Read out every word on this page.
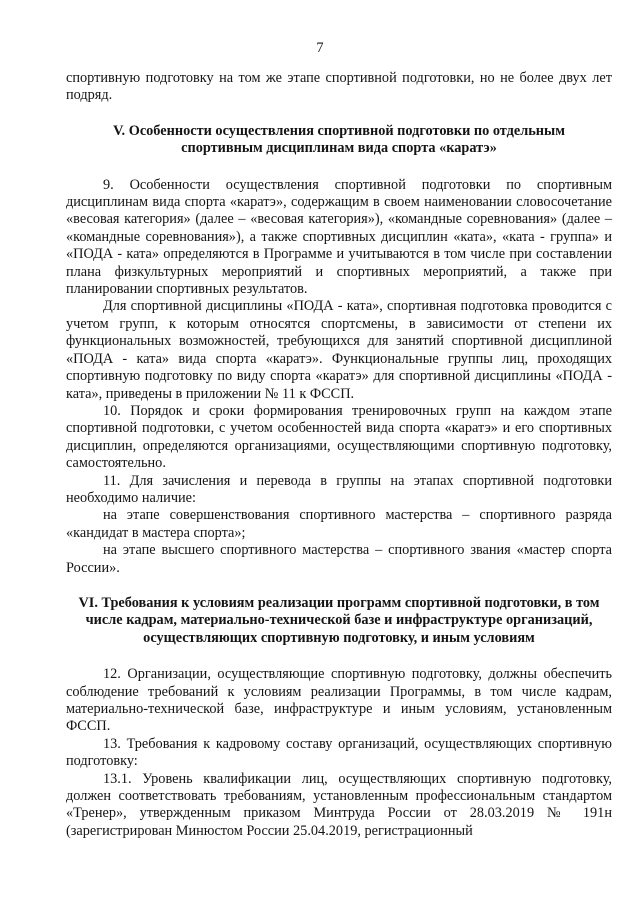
7

спортивную подготовку на том же этапе спортивной подготовки, но не более двух лет подряд.

V. Особенности осуществления спортивной подготовки по отдельным спортивным дисциплинам вида спорта «каратэ»

9. Особенности осуществления спортивной подготовки по спортивным дисциплинам вида спорта «каратэ», содержащим в своем наименовании словосочетание «весовая категория» (далее – «весовая категория»), «командные соревнования» (далее – «командные соревнования»), а также спортивных дисциплин «ката», «ката - группа» и «ПОДА - ката» определяются в Программе и учитываются в том числе при составлении плана физкультурных мероприятий и спортивных мероприятий, а также при планировании спортивных результатов.

Для спортивной дисциплины «ПОДА - ката», спортивная подготовка проводится с учетом групп, к которым относятся спортсмены, в зависимости от степени их функциональных возможностей, требующихся для занятий спортивной дисциплиной «ПОДА - ката» вида спорта «каратэ». Функциональные группы лиц, проходящих спортивную подготовку по виду спорта «каратэ» для спортивной дисциплины «ПОДА - ката», приведены в приложении № 11 к ФССП.

10. Порядок и сроки формирования тренировочных групп на каждом этапе спортивной подготовки, с учетом особенностей вида спорта «каратэ» и его спортивных дисциплин, определяются организациями, осуществляющими спортивную подготовку, самостоятельно.

11. Для зачисления и перевода в группы на этапах спортивной подготовки необходимо наличие:

на этапе совершенствования спортивного мастерства – спортивного разряда «кандидат в мастера спорта»;

на этапе высшего спортивного мастерства – спортивного звания «мастер спорта России».

VI. Требования к условиям реализации программ спортивной подготовки, в том числе кадрам, материально-технической базе и инфраструктуре организаций, осуществляющих спортивную подготовку, и иным условиям

12. Организации, осуществляющие спортивную подготовку, должны обеспечить соблюдение требований к условиям реализации Программы, в том числе кадрам, материально-технической базе, инфраструктуре и иным условиям, установленным ФССП.

13. Требования к кадровому составу организаций, осуществляющих спортивную подготовку:

13.1. Уровень квалификации лиц, осуществляющих спортивную подготовку, должен соответствовать требованиям, установленным профессиональным стандартом «Тренер», утвержденным приказом Минтруда России от 28.03.2019 № 191н (зарегистрирован Минюстом России 25.04.2019, регистрационный
